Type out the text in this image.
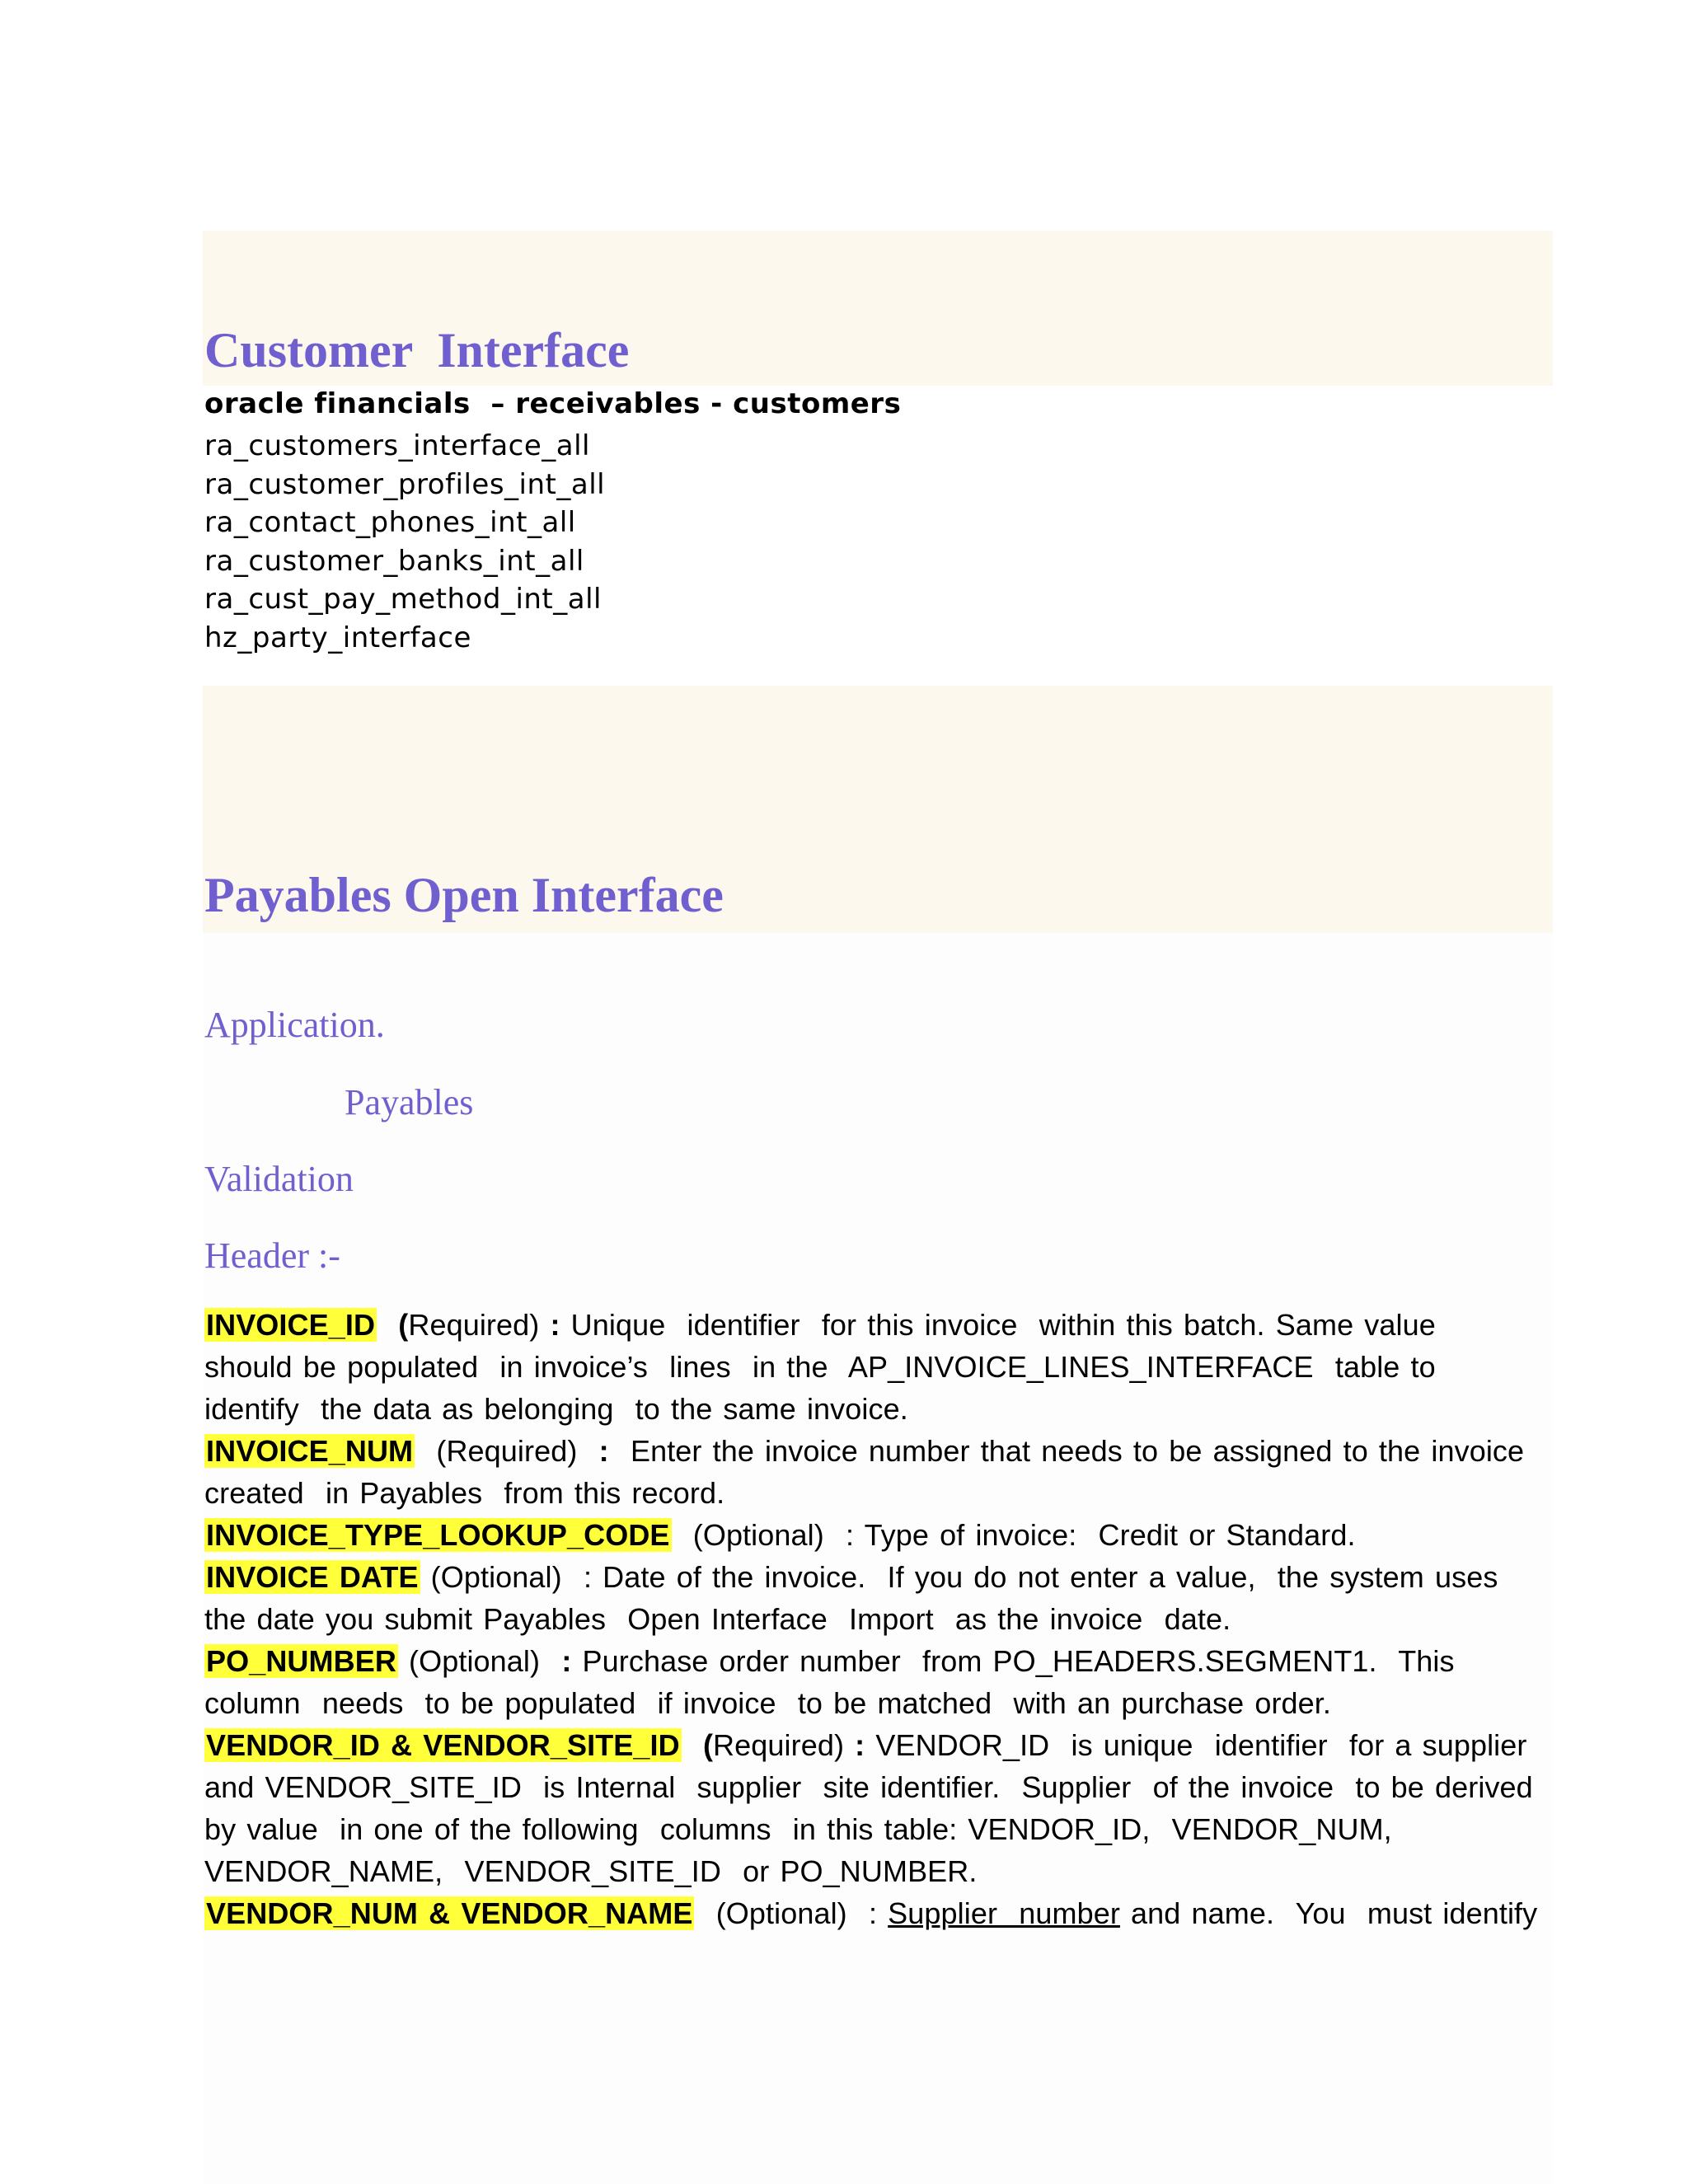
Customer  Interface
oracle financials  – receivables - customers
ra_customers_interface_all
ra_customer_profiles_int_all
ra_contact_phones_int_all
ra_customer_banks_int_all
ra_cust_pay_method_int_all
hz_party_interface
Payables Open Interface
Application.
Payables
Validation
Header :-

INVOICE_ID (Required) : Unique  identifier  for this invoice  within this batch. Same value  should be populated  in invoice’s  lines  in the  AP_INVOICE_LINES_INTERFACE  table to identify  the data as belonging  to the same invoice.

INVOICE_NUM (Required) : Enter the invoice number that needs to be assigned to the invoice created  in Payables  from this record.

INVOICE_TYPE_LOOKUP_CODE (Optional)  : Type of invoice:  Credit or Standard.

INVOICE DATE (Optional)  : Date of the invoice.  If you do not enter a value,  the system uses the date you submit Payables  Open Interface  Import  as the invoice  date.

PO_NUMBER (Optional) : Purchase order number  from PO_HEADERS.SEGMENT1.  This column  needs  to be populated  if invoice  to be matched  with an purchase order.

VENDOR_ID & VENDOR_SITE_ID (Required) : VENDOR_ID  is unique  identifier  for a supplier and VENDOR_SITE_ID  is Internal  supplier  site identifier.  Supplier  of the invoice  to be derived by value  in one of the following  columns  in this table: VENDOR_ID,  VENDOR_NUM, VENDOR_NAME,  VENDOR_SITE_ID  or PO_NUMBER.

VENDOR_NUM & VENDOR_NAME (Optional)  : Supplier  number and name.  You  must identify
